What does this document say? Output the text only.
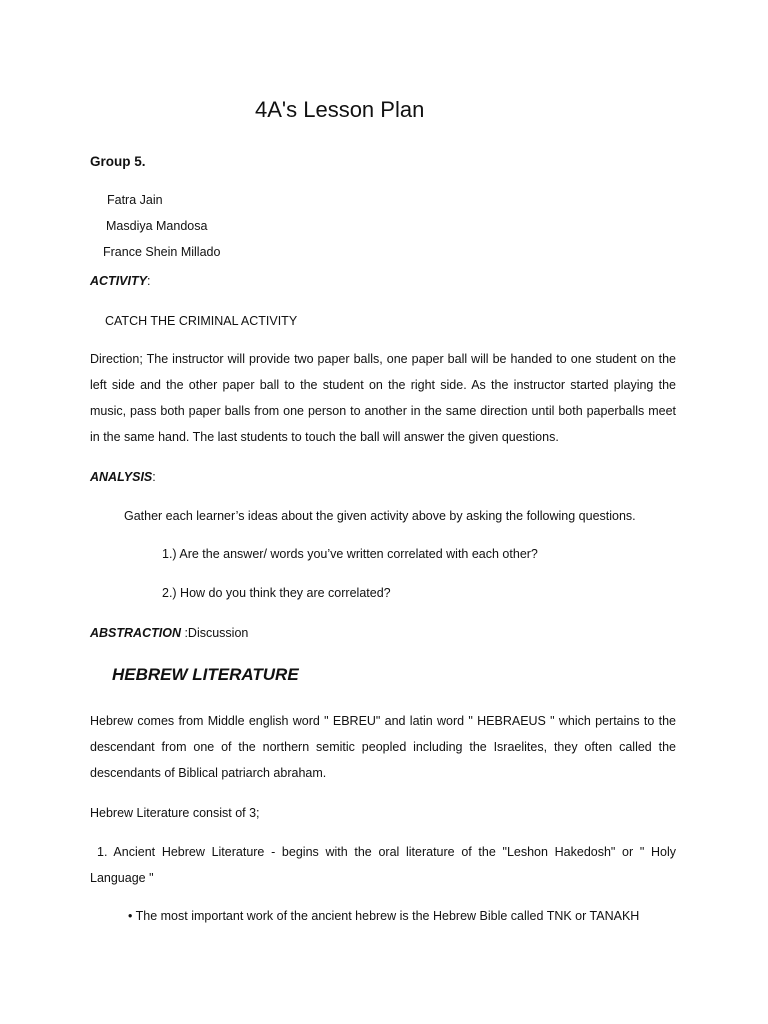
4A's Lesson Plan
Group 5.
Fatra Jain
Masdiya Mandosa
France Shein Millado
ACTIVITY:
CATCH THE CRIMINAL ACTIVITY
Direction; The instructor will provide two paper balls, one paper ball will be handed to one student on the left side and the other paper ball to the student on the right side. As the instructor started playing the music, pass both paper balls from one person to another in the same direction until both paperballs meet in the same hand. The last students to touch the ball will answer the given questions.
ANALYSIS:
Gather each learner’s ideas about the given activity above by asking the following questions.
1.) Are the answer/ words you’ve written correlated with each other?
2.) How do you think they are correlated?
ABSTRACTION :Discussion
HEBREW LITERATURE
Hebrew comes from Middle english word " EBREU" and latin word " HEBRAEUS " which pertains to the descendant from one of the northern semitic peopled including the Israelites, they often called the descendants of Biblical patriarch abraham.
Hebrew Literature consist of 3;
1. Ancient Hebrew Literature - begins with the oral literature of the "Leshon Hakedosh" or " Holy Language "
• The most important work of the ancient hebrew is the Hebrew Bible called TNK or TANAKH
